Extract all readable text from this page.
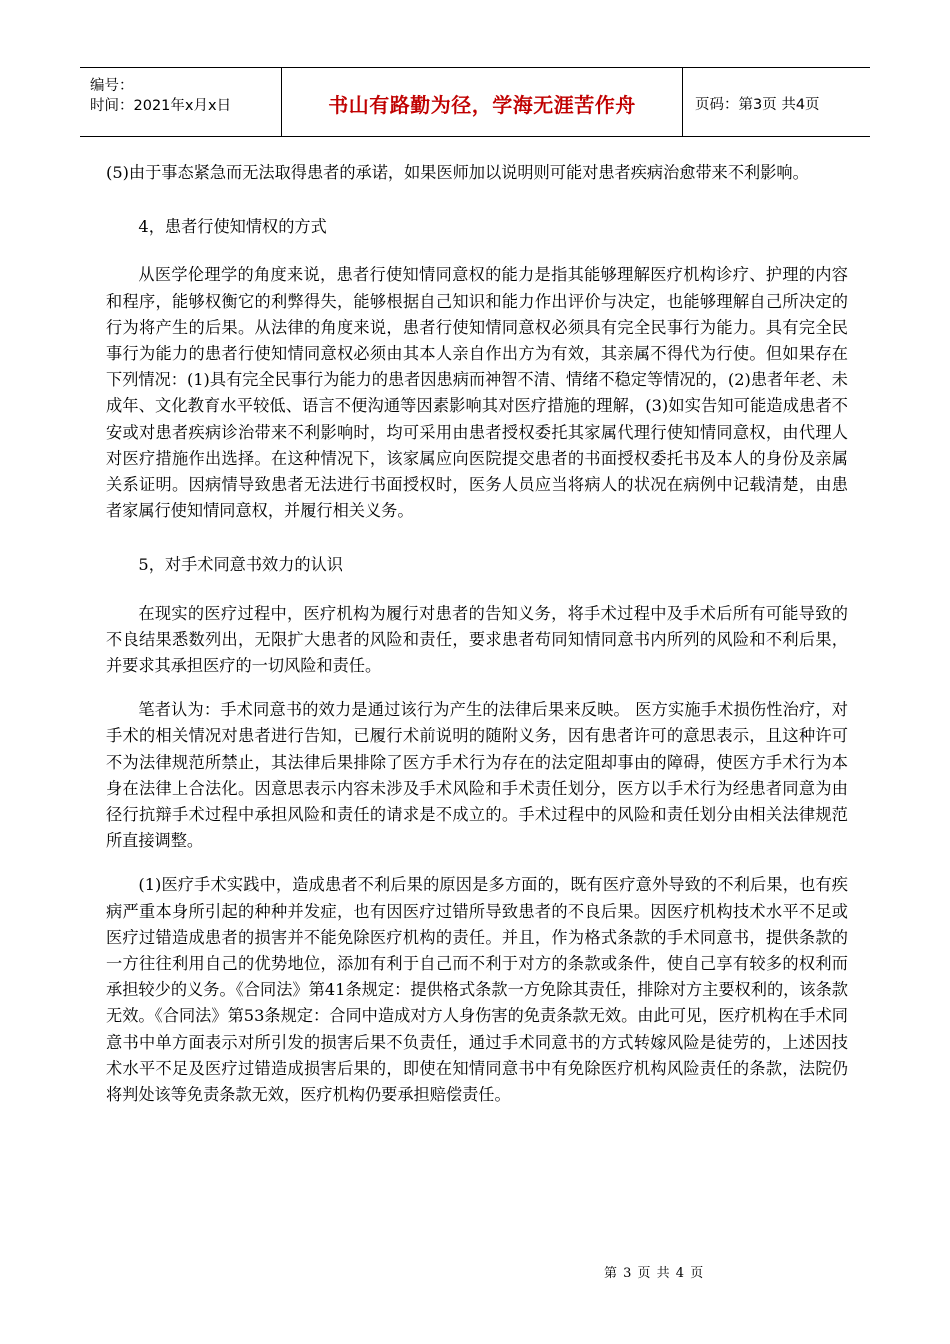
编号：
时间：2021年x月x日	书山有路勤为径，学海无涯苦作舟	页码：第3页 共4页

(5)由于事态紧急而无法取得患者的承诺，如果医师加以说明则可能对患者疾病治愈带来不利影响。

4，患者行使知情权的方式

从医学伦理学的角度来说，患者行使知情同意权的能力是指其能够理解医疗机构诊疗、护理的内容和程序，能够权衡它的利弊得失，能够根据自己知识和能力作出评价与决定，也能够理解自己所决定的行为将产生的后果。从法律的角度来说，患者行使知情同意权必须具有完全民事行为能力。具有完全民事行为能力的患者行使知情同意权必须由其本人亲自作出方为有效，其亲属不得代为行使。但如果存在下列情况：(1)具有完全民事行为能力的患者因患病而神智不清、情绪不稳定等情况的，(2)患者年老、未成年、文化教育水平较低、语言不便沟通等因素影响其对医疗措施的理解，(3)如实告知可能造成患者不安或对患者疾病诊治带来不利影响时，均可采用由患者授权委托其家属代理行使知情同意权，由代理人对医疗措施作出选择。在这种情况下，该家属应向医院提交患者的书面授权委托书及本人的身份及亲属关系证明。因病情导致患者无法进行书面授权时，医务人员应当将病人的状况在病例中记载清楚，由患者家属行使知情同意权，并履行相关义务。

5，对手术同意书效力的认识

在现实的医疗过程中，医疗机构为履行对患者的告知义务，将手术过程中及手术后所有可能导致的不良结果悉数列出，无限扩大患者的风险和责任，要求患者苟同知情同意书内所列的风险和不利后果，并要求其承担医疗的一切风险和责任。

笔者认为：手术同意书的效力是通过该行为产生的法律后果来反映。 医方实施手术损伤性治疗，对手术的相关情况对患者进行告知，已履行术前说明的随附义务，因有患者许可的意思表示，且这种许可不为法律规范所禁止，其法律后果排除了医方手术行为存在的法定阻却事由的障碍，使医方手术行为本身在法律上合法化。因意思表示内容未涉及手术风险和手术责任划分，医方以手术行为经患者同意为由径行抗辩手术过程中承担风险和责任的请求是不成立的。手术过程中的风险和责任划分由相关法律规范所直接调整。

(1)医疗手术实践中，造成患者不利后果的原因是多方面的，既有医疗意外导致的不利后果，也有疾病严重本身所引起的种种并发症，也有因医疗过错所导致患者的不良后果。因医疗机构技术水平不足或医疗过错造成患者的损害并不能免除医疗机构的责任。并且，作为格式条款的手术同意书，提供条款的一方往往利用自己的优势地位，添加有利于自己而不利于对方的条款或条件，使自己享有较多的权利而承担较少的义务。《合同法》第41条规定：提供格式条款一方免除其责任，排除对方主要权利的，该条款无效。《合同法》第53条规定：合同中造成对方人身伤害的免责条款无效。由此可见，医疗机构在手术同意书中单方面表示对所引发的损害后果不负责任，通过手术同意书的方式转嫁风险是徒劳的，上述因技术水平不足及医疗过错造成损害后果的，即使在知情同意书中有免除医疗机构风险责任的条款，法院仍将判处该等免责条款无效，医疗机构仍要承担赔偿责任。

第 3 页 共 4 页
